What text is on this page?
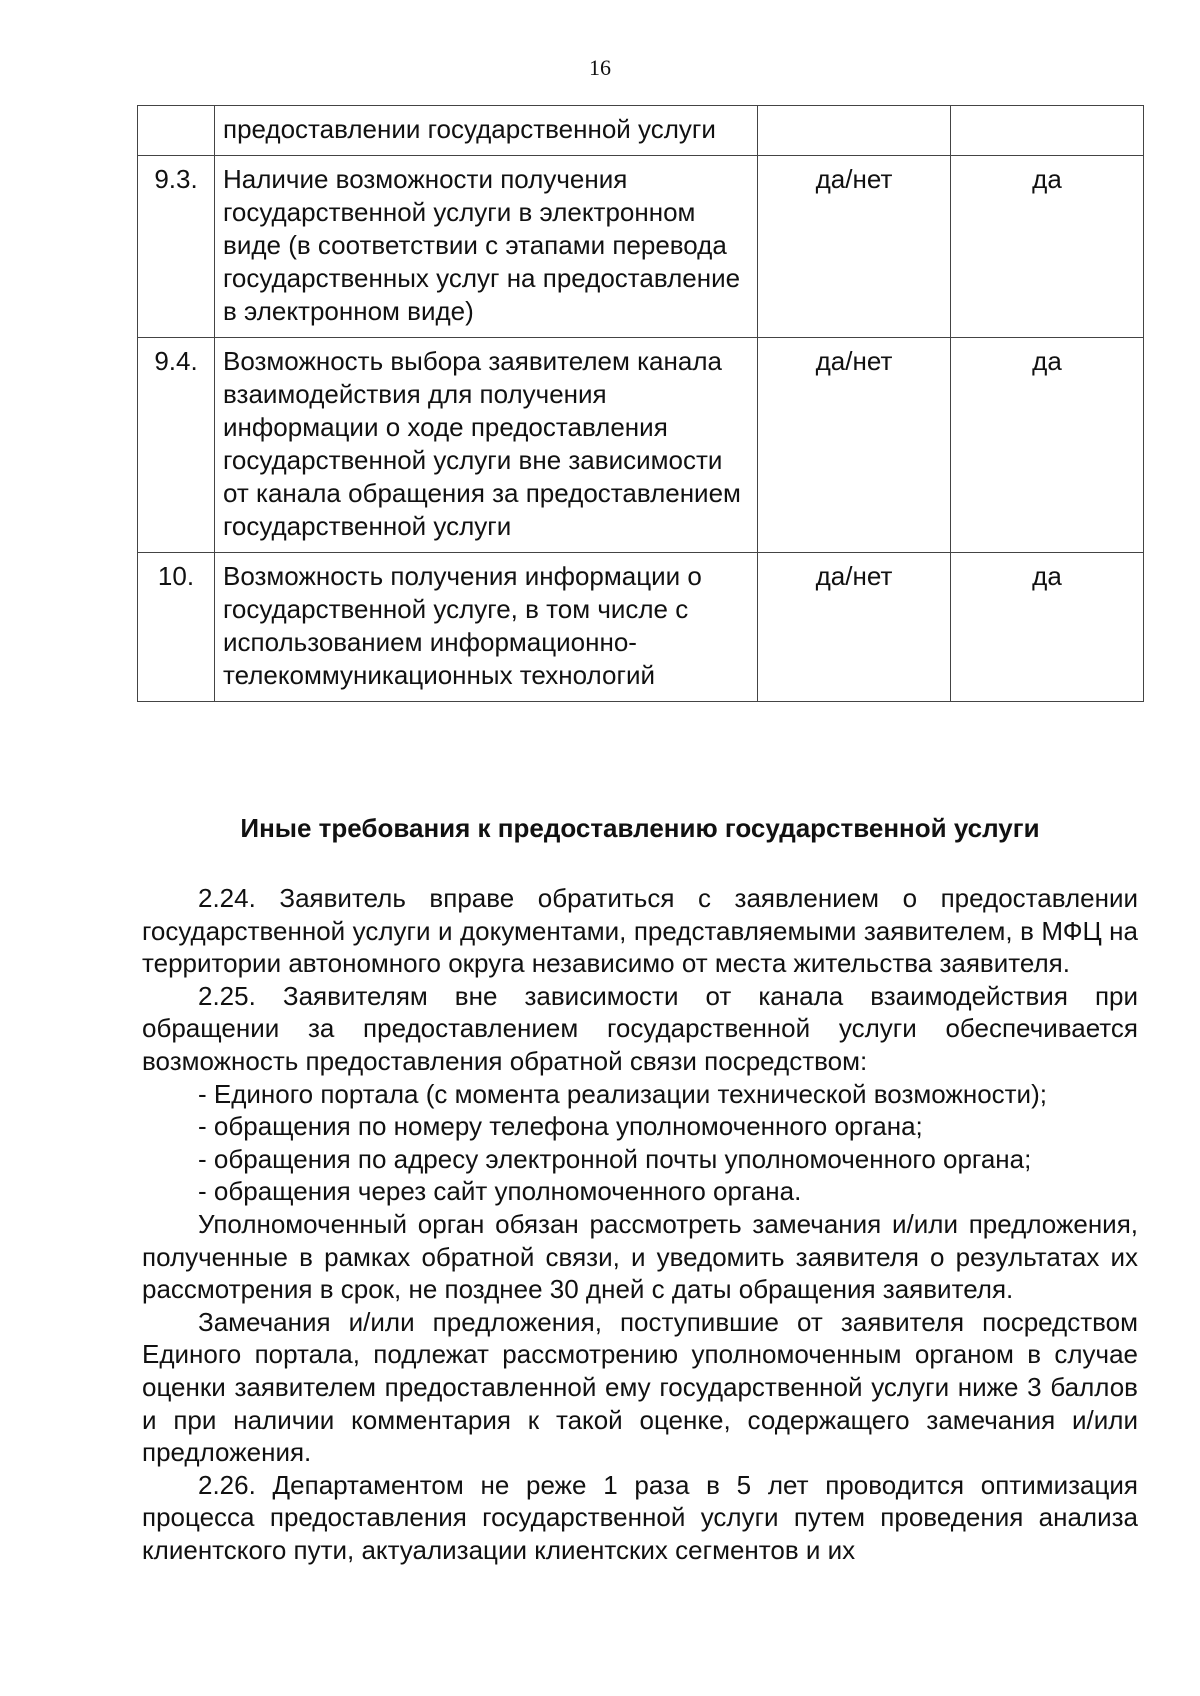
16
	предоставлении государственной услуги		
9.3.	Наличие возможности получения государственной услуги в электронном виде (в соответствии с этапами перевода государственных услуг на предоставление в электронном виде)	да/нет	да
9.4.	Возможность выбора заявителем канала взаимодействия для получения информации о ходе предоставления государственной услуги вне зависимости от канала обращения за предоставлением государственной услуги	да/нет	да
10.	Возможность получения информации о государственной услуге, в том числе с использованием информационно-телекоммуникационных технологий	да/нет	да
Иные требования к предоставлению государственной услуги

2.24. Заявитель вправе обратиться с заявлением о предоставлении государственной услуги и документами, представляемыми заявителем, в МФЦ на территории автономного округа независимо от места жительства заявителя.

2.25. Заявителям вне зависимости от канала взаимодействия при обращении за предоставлением государственной услуги обеспечивается возможность предоставления обратной связи посредством:

- Единого портала (с момента реализации технической возможности);

- обращения по номеру телефона уполномоченного органа;

- обращения по адресу электронной почты уполномоченного органа;

- обращения через сайт уполномоченного органа.

Уполномоченный орган обязан рассмотреть замечания и/или предложения, полученные в рамках обратной связи, и уведомить заявителя о результатах их рассмотрения в срок, не позднее 30 дней с даты обращения заявителя.

Замечания и/или предложения, поступившие от заявителя посредством Единого портала, подлежат рассмотрению уполномоченным органом в случае оценки заявителем предоставленной ему государственной услуги ниже 3 баллов и при наличии комментария к такой оценке, содержащего замечания и/или предложения.

2.26. Департаментом не реже 1 раза в 5 лет проводится оптимизация процесса предоставления государственной услуги путем проведения анализа клиентского пути, актуализации клиентских сегментов и их
